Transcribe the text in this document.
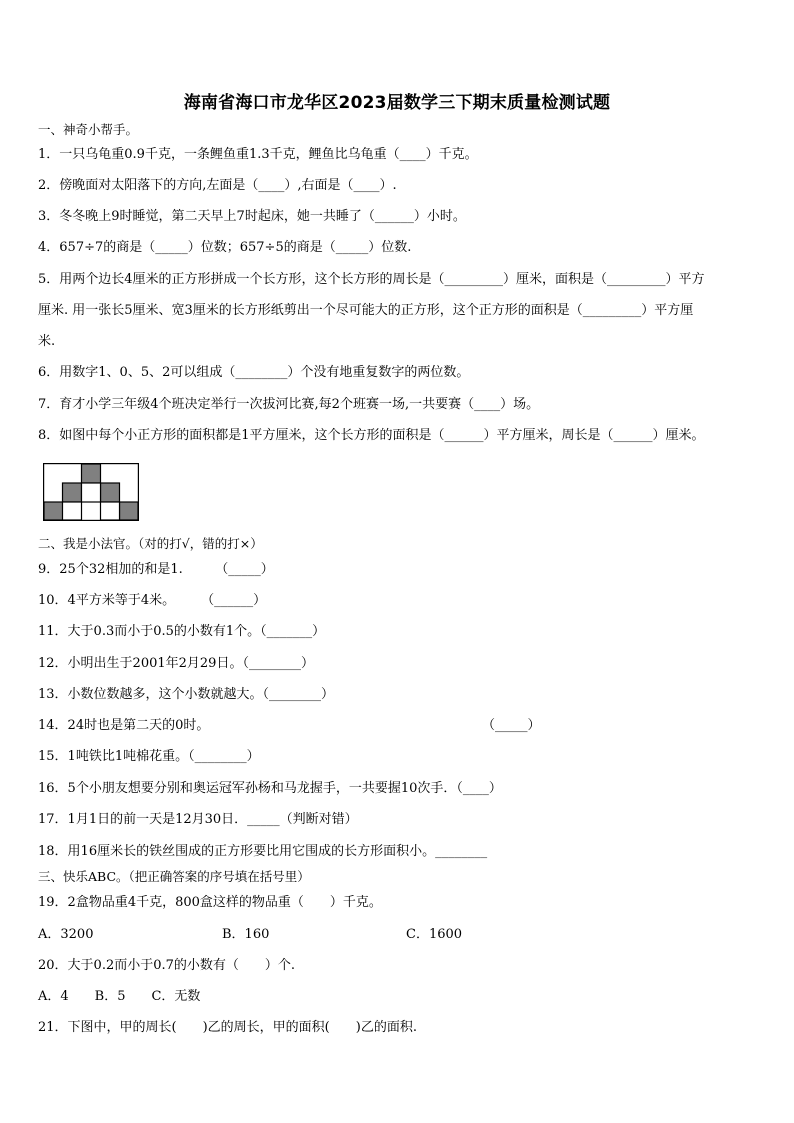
海南省海口市龙华区2023届数学三下期末质量检测试题
一、神奇小帮手。
1．一只乌龟重0.9千克，一条鲤鱼重1.3千克，鲤鱼比乌龟重（____）千克。
2．傍晚面对太阳落下的方向,左面是（____）,右面是（____）.
3．冬冬晚上9时睡觉，第二天早上7时起床，她一共睡了（______）小时。
4．657÷7的商是（_____）位数；657÷5的商是（_____）位数.
5．用两个边长4厘米的正方形拼成一个长方形，这个长方形的周长是（_________）厘米，面积是（_________）平方
厘米. 用一张长5厘米、宽3厘米的长方形纸剪出一个尽可能大的正方形，这个正方形的面积是（_________）平方厘
米.
6．用数字1、0、5、2可以组成（________）个没有地重复数字的两位数。
7．育才小学三年级4个班决定举行一次拔河比赛,每2个班赛一场,一共要赛（____）场。
8．如图中每个小正方形的面积都是1平方厘米，这个长方形的面积是（______）平方厘米，周长是（______）厘米。
二、我是小法官。（对的打√，错的打×）
9．25个32相加的和是1.　　　（_____）
10．4平方米等于4米。　　　（______）
11．大于0.3而小于0.5的小数有1个。（_______）
12．小明出生于2001年2月29日。（________）
13．小数位数越多，这个小数就越大。（________）
14．24时也是第二天的0时。	（_____）
15．1吨铁比1吨棉花重。（________）
16．5个小朋友想要分别和奥运冠军孙杨和马龙握手，一共要握10次手．（____）
17．1月1日的前一天是12月30日．_____（判断对错）
18．用16厘米长的铁丝围成的正方形要比用它围成的长方形面积小。________
三、快乐ABC。（把正确答案的序号填在括号里）
19．2盒物品重4千克，800盒这样的物品重（　　）千克。
A．3200	B．160	C．1600
20．大于0.2而小于0.7的小数有（　　）个.
A．4　　B．5　　C．无数
21．下图中，甲的周长(　　)乙的周长，甲的面积(　　)乙的面积.
